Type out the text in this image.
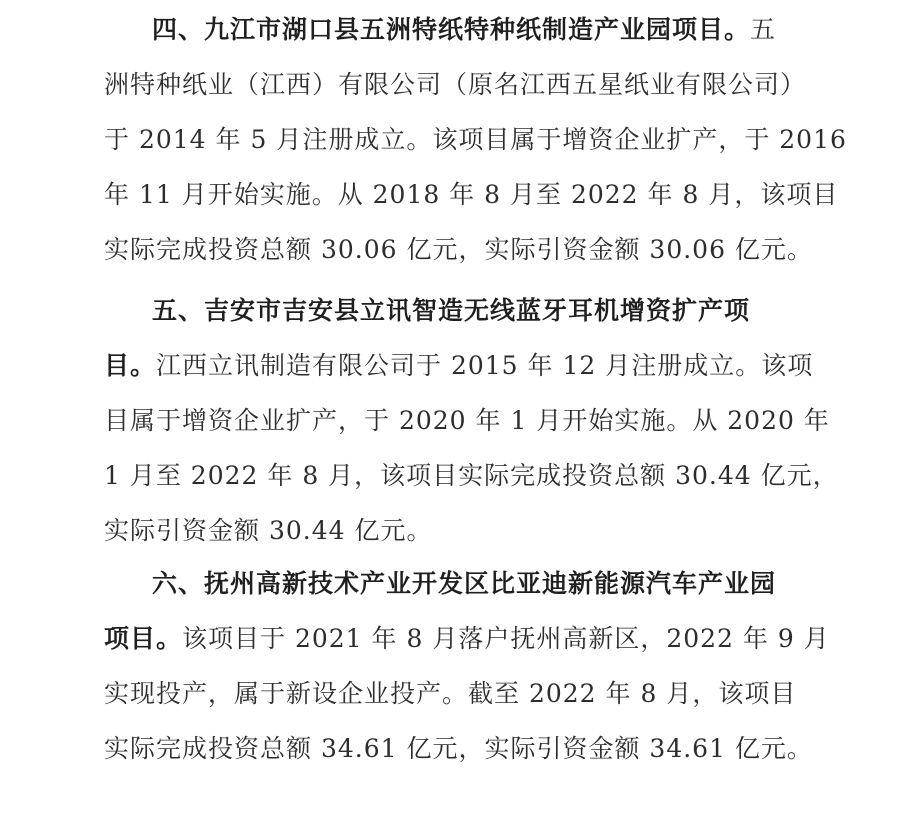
四、九江市湖口县五洲特纸特种纸制造产业园项目。五
洲特种纸业（江西）有限公司（原名江西五星纸业有限公司）
于 2014 年 5 月注册成立。该项目属于增资企业扩产，于 2016
年 11 月开始实施。从 2018 年 8 月至 2022 年 8 月，该项目
实际完成投资总额 30.06 亿元，实际引资金额 30.06 亿元。
五、吉安市吉安县立讯智造无线蓝牙耳机增资扩产项
目。江西立讯制造有限公司于 2015 年 12 月注册成立。该项
目属于增资企业扩产，于 2020 年 1 月开始实施。从 2020 年
1 月至 2022 年 8 月，该项目实际完成投资总额 30.44 亿元，
实际引资金额 30.44 亿元。
六、抚州高新技术产业开发区比亚迪新能源汽车产业园
项目。该项目于 2021 年 8 月落户抚州高新区，2022 年 9 月
实现投产，属于新设企业投产。截至 2022 年 8 月，该项目
实际完成投资总额 34.61 亿元，实际引资金额 34.61 亿元。
